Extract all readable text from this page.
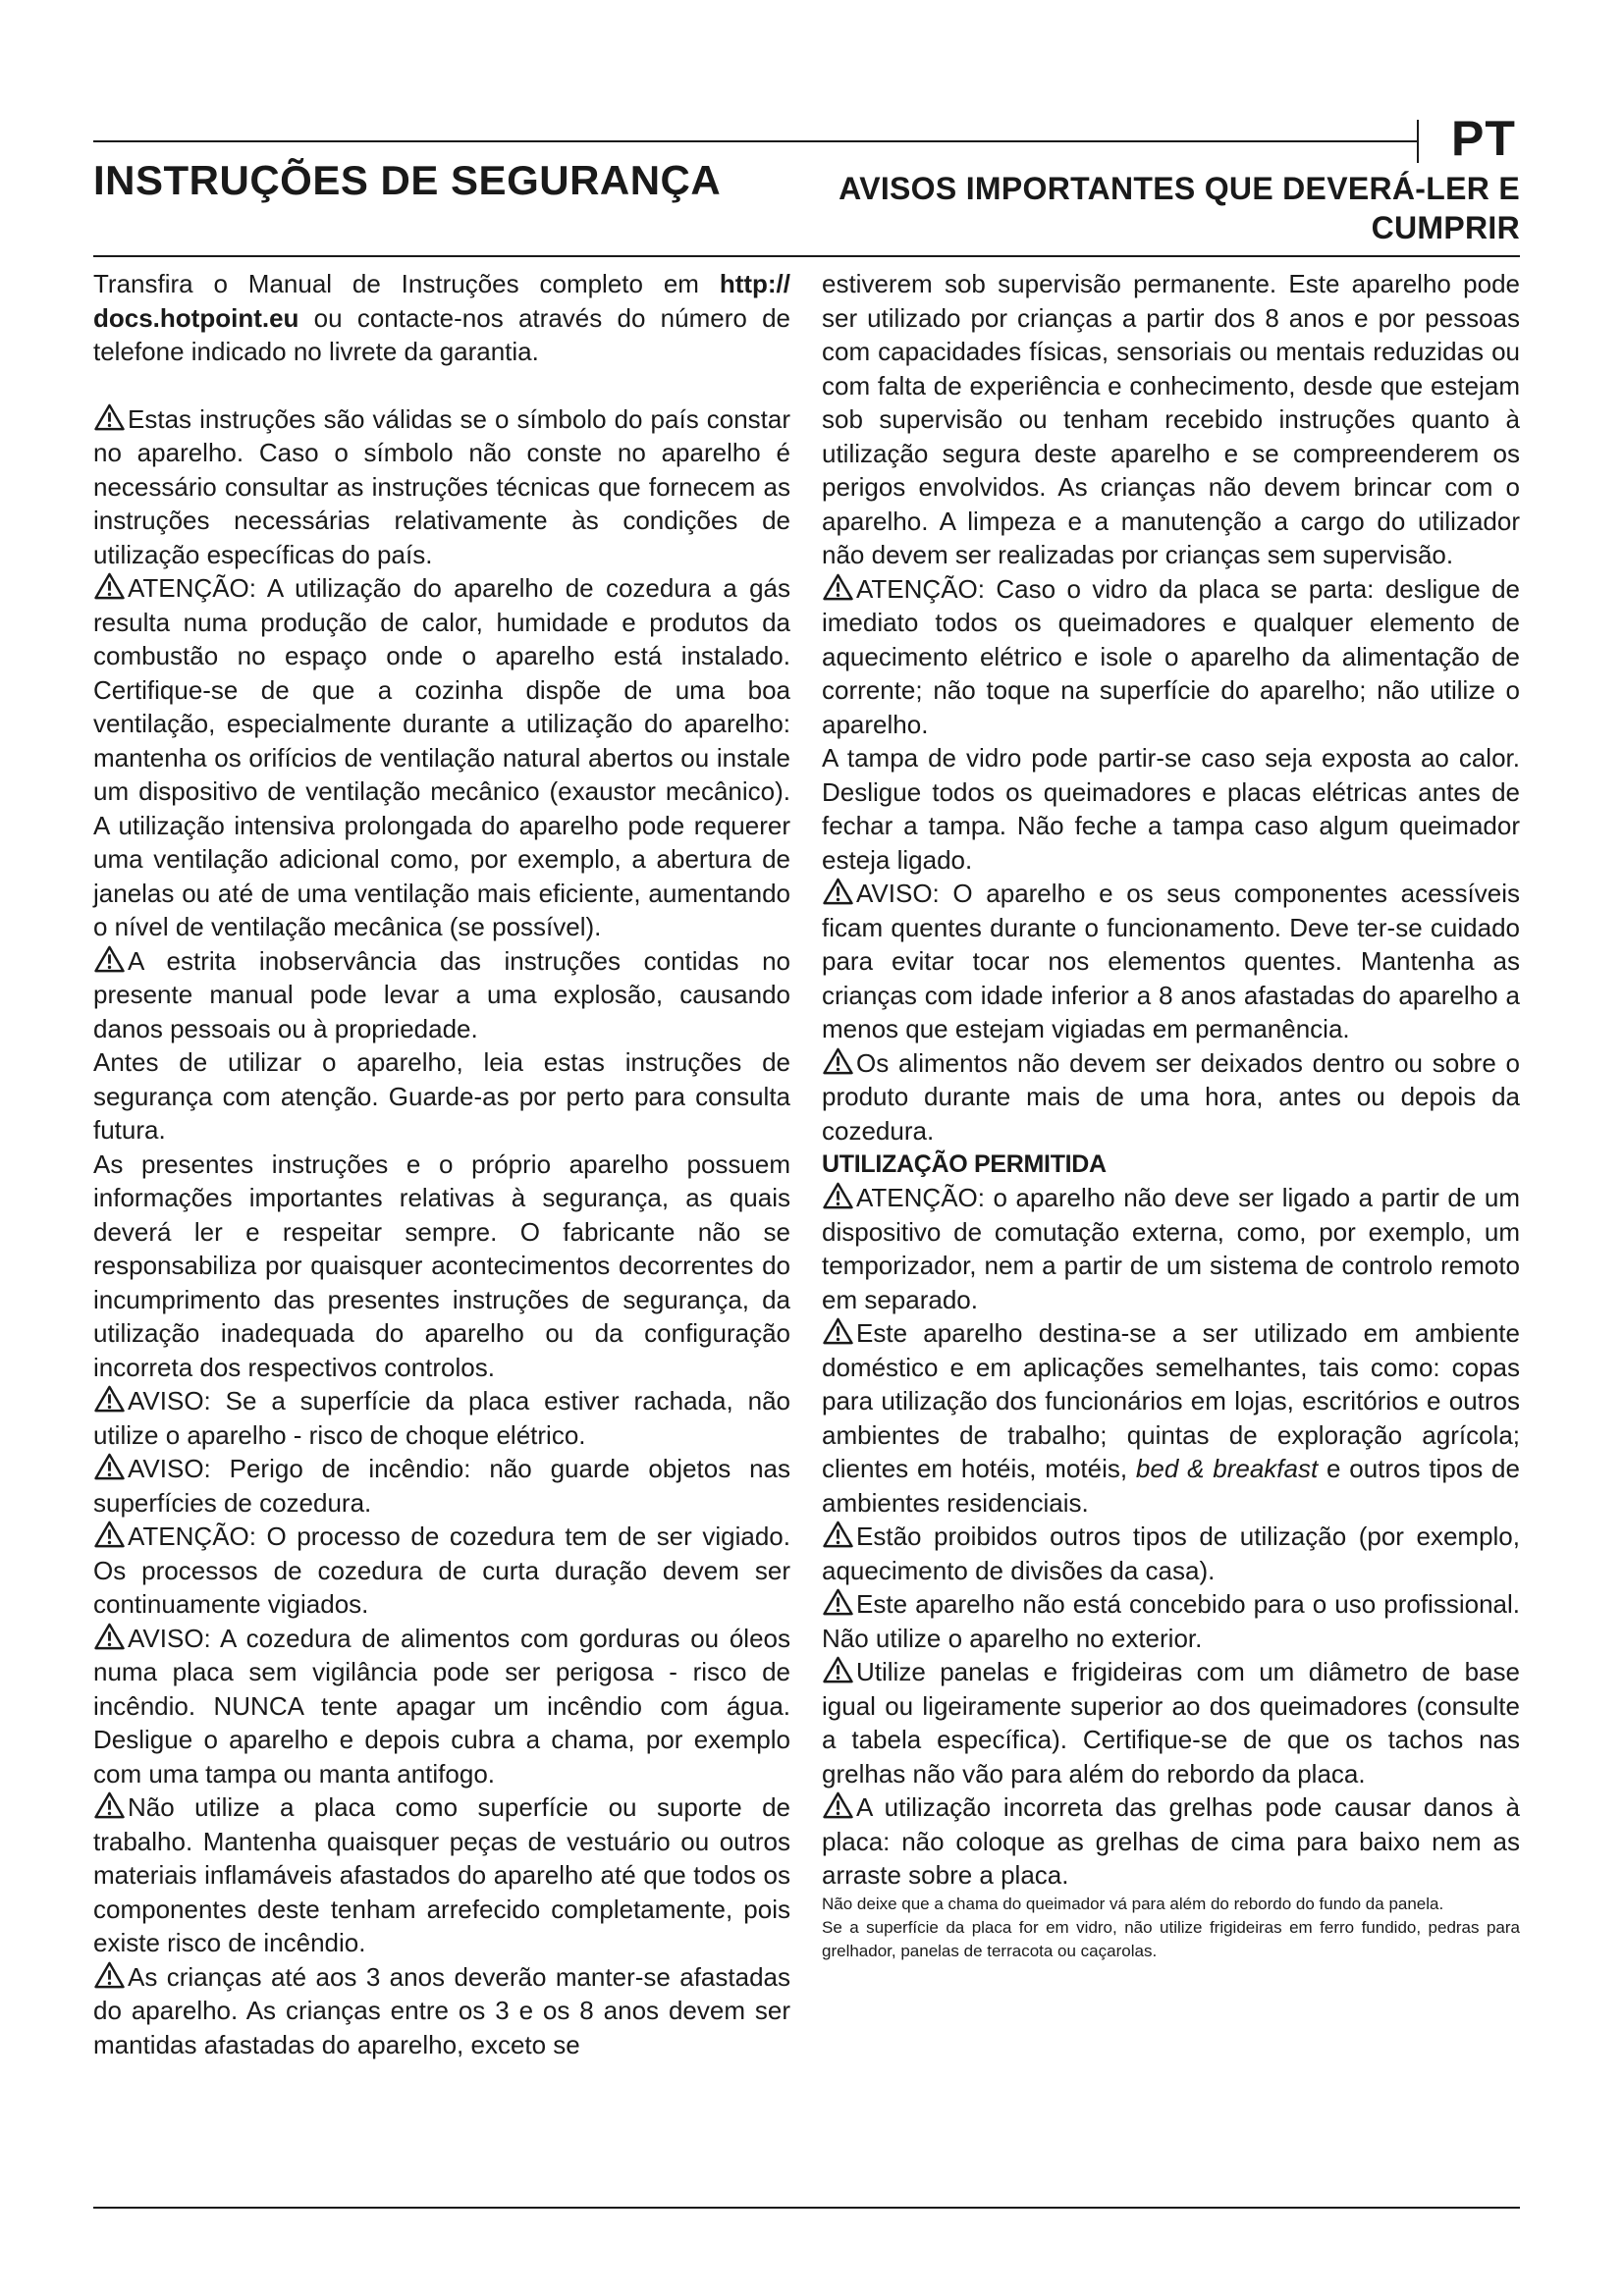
PT
INSTRUÇÕES DE SEGURANÇA	AVISOS IMPORTANTES QUE DEVERÁ-LER E CUMPRIR

Transfira o Manual de Instruções completo em http:// docs.hotpoint.eu ou contacte-nos através do número de telefone indicado no livrete da garantia.

Estas instruções são válidas se o símbolo do país constar no aparelho. Caso o símbolo não conste no aparelho é necessário consultar as instruções técnicas que fornecem as instruções necessárias relativamente às condições de utilização específicas do país.

ATENÇÃO: A utilização do aparelho de cozedura a gás resulta numa produção de calor, humidade e produtos da combustão no espaço onde o aparelho está instalado. Certifique-se de que a cozinha dispõe de uma boa ventilação, especialmente durante a utilização do aparelho: mantenha os orifícios de ventilação natural abertos ou instale um dispositivo de ventilação mecânico (exaustor mecânico). A utilização intensiva prolongada do aparelho pode requerer uma ventilação adicional como, por exemplo, a abertura de janelas ou até de uma ventilação mais eficiente, aumentando o nível de ventilação mecânica (se possível).

A estrita inobservância das instruções contidas no presente manual pode levar a uma explosão, causando danos pessoais ou à propriedade.

Antes de utilizar o aparelho, leia estas instruções de segurança com atenção. Guarde-as por perto para consulta futura.

As presentes instruções e o próprio aparelho possuem informações importantes relativas à segurança, as quais deverá ler e respeitar sempre. O fabricante não se responsabiliza por quaisquer acontecimentos decorrentes do incumprimento das presentes instruções de segurança, da utilização inadequada do aparelho ou da configuração incorreta dos respectivos controlos.

AVISO: Se a superfície da placa estiver rachada, não utilize o aparelho - risco de choque elétrico.

AVISO: Perigo de incêndio: não guarde objetos nas superfícies de cozedura.

ATENÇÃO: O processo de cozedura tem de ser vigiado. Os processos de cozedura de curta duração devem ser continuamente vigiados.

AVISO: A cozedura de alimentos com gorduras ou óleos numa placa sem vigilância pode ser perigosa - risco de incêndio. NUNCA tente apagar um incêndio com água. Desligue o aparelho e depois cubra a chama, por exemplo com uma tampa ou manta antifogo.

Não utilize a placa como superfície ou suporte de trabalho. Mantenha quaisquer peças de vestuário ou outros materiais inflamáveis afastados do aparelho até que todos os componentes deste tenham arrefecido completamente, pois existe risco de incêndio.

As crianças até aos 3 anos deverão manter-se afastadas do aparelho. As crianças entre os 3 e os 8 anos devem ser mantidas afastadas do aparelho, exceto se

estiverem sob supervisão permanente. Este aparelho pode ser utilizado por crianças a partir dos 8 anos e por pessoas com capacidades físicas, sensoriais ou mentais reduzidas ou com falta de experiência e conhecimento, desde que estejam sob supervisão ou tenham recebido instruções quanto à utilização segura deste aparelho e se compreenderem os perigos envolvidos. As crianças não devem brincar com o aparelho. A limpeza e a manutenção a cargo do utilizador não devem ser realizadas por crianças sem supervisão.

ATENÇÃO: Caso o vidro da placa se parta: desligue de imediato todos os queimadores e qualquer elemento de aquecimento elétrico e isole o aparelho da alimentação de corrente; não toque na superfície do aparelho; não utilize o aparelho.

A tampa de vidro pode partir-se caso seja exposta ao calor. Desligue todos os queimadores e placas elétricas antes de fechar a tampa. Não feche a tampa caso algum queimador esteja ligado.

AVISO: O aparelho e os seus componentes acessíveis ficam quentes durante o funcionamento. Deve ter-se cuidado para evitar tocar nos elementos quentes. Mantenha as crianças com idade inferior a 8 anos afastadas do aparelho a menos que estejam vigiadas em permanência.

Os alimentos não devem ser deixados dentro ou sobre o produto durante mais de uma hora, antes ou depois da cozedura.

UTILIZAÇÃO PERMITIDA

ATENÇÃO: o aparelho não deve ser ligado a partir de um dispositivo de comutação externa, como, por exemplo, um temporizador, nem a partir de um sistema de controlo remoto em separado.

Este aparelho destina-se a ser utilizado em ambiente doméstico e em aplicações semelhantes, tais como: copas para utilização dos funcionários em lojas, escritórios e outros ambientes de trabalho; quintas de exploração agrícola; clientes em hotéis, motéis, bed & breakfast e outros tipos de ambientes residenciais.

Estão proibidos outros tipos de utilização (por exemplo, aquecimento de divisões da casa).

Este aparelho não está concebido para o uso profissional. Não utilize o aparelho no exterior.

Utilize panelas e frigideiras com um diâmetro de base igual ou ligeiramente superior ao dos queimadores (consulte a tabela específica). Certifique-se de que os tachos nas grelhas não vão para além do rebordo da placa.

A utilização incorreta das grelhas pode causar danos à placa: não coloque as grelhas de cima para baixo nem as arraste sobre a placa.

Não deixe que a chama do queimador vá para além do rebordo do fundo da panela.

Se a superfície da placa for em vidro, não utilize frigideiras em ferro fundido, pedras para grelhador, panelas de terracota ou caçarolas.
